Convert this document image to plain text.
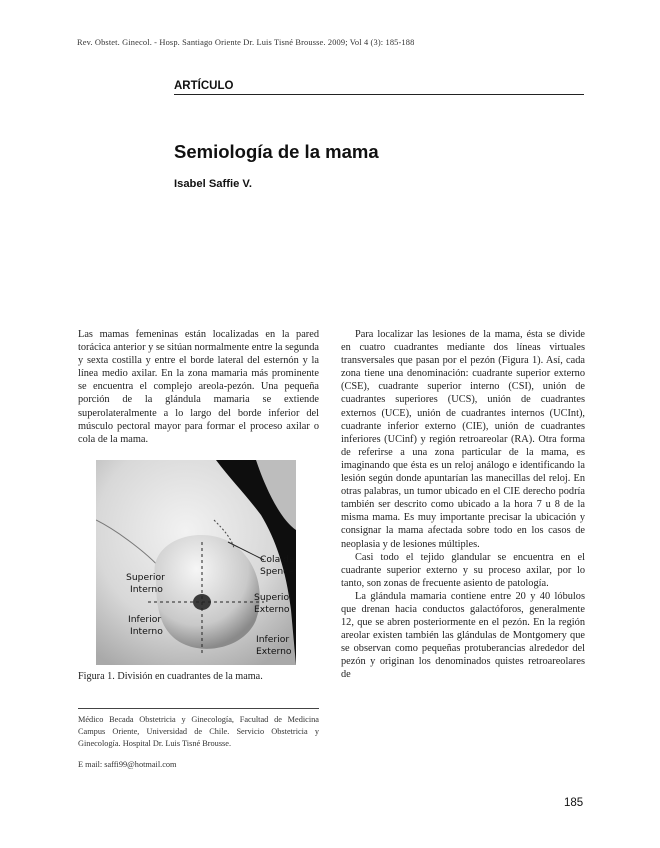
Rev. Obstet. Ginecol. - Hosp. Santiago Oriente Dr. Luis Tisné Brousse. 2009; Vol 4 (3): 185-188
ARTÍCULO
Semiología de la mama
Isabel Saffie V.

Las mamas femeninas están localizadas en la pared torácica anterior y se sitúan normalmente entre la segunda y sexta costilla y entre el borde lateral del esternón y la línea medio axilar. En la zona mamaria más prominente se encuentra el complejo areola-pezón. Una pequeña porción de la glándula mamaria se extiende superolateralmente a lo largo del borde inferior del músculo pectoral mayor para formar el proceso axilar o cola de la mama.

Para localizar las lesiones de la mama, ésta se divide en cuatro cuadrantes mediante dos líneas virtuales transversales que pasan por el pezón (Figura 1). Así, cada zona tiene una denominación: cuadrante superior externo (CSE), cuadrante superior interno (CSI), unión de cuadrantes superiores (UCS), unión de cuadrantes externos (UCE), unión de cuadrantes internos (UCInt), cuadrante inferior externo (CIE), unión de cuadrantes inferiores (UCinf) y región retroareolar (RA). Otra forma de referirse a una zona particular de la mama, es imaginando que ésta es un reloj análogo e identificando la lesión según donde apuntarían las manecillas del reloj. En otras palabras, un tumor ubicado en el CIE derecho podría también ser descrito como ubicado a la hora 7 u 8 de la misma mama. Es muy importante precisar la ubicación y consignar la mama afectada sobre todo en los casos de neoplasia y de lesiones múltiples.

Casi todo el tejido glandular se encuentra en el cuadrante superior externo y su proceso axilar, por lo tanto, son zonas de frecuente asiento de patología.

La glándula mamaria contiene entre 20 y 40 lóbulos que drenan hacia conductos galactóforos, generalmente 12, que se abren posteriormente en el pezón. En la región areolar existen también las glándulas de Montgomery que se observan como pequeñas protuberancias alrededor del pezón y originan los denominados quistes retroareolares de

Cola de
Spencer
Superior
Interno
Superior
Externo
Inferior
Interno
Inferior
Externo
Figura 1. División en cuadrantes de la mama.

Médico Becada Obstetricia y Ginecología, Facultad de Medicina Campus Oriente, Universidad de Chile. Servicio Obstetricia y Ginecología. Hospital Dr. Luis Tisné Brousse.

E mail: saffi99@hotmail.com
185
